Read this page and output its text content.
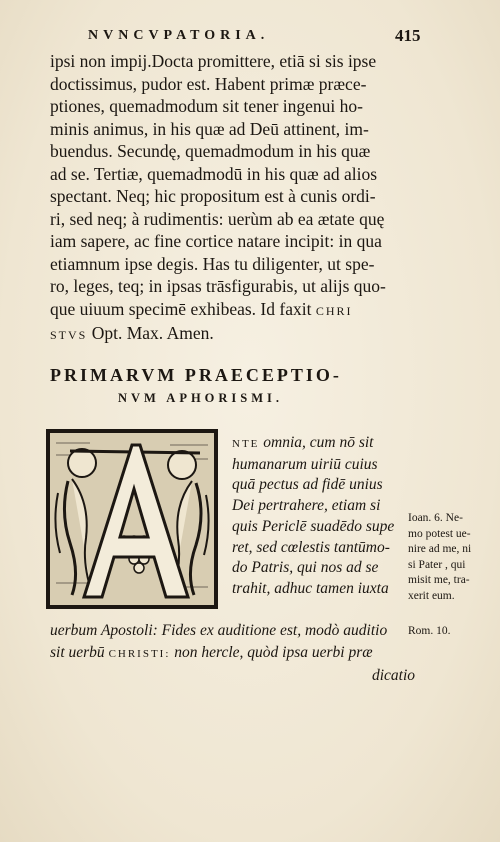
NVNCVPATORIA.	415
ipsi non impij.Docta promittere, etiā si sis ipse
doctissimus, pudor est. Habent primæ præce-
ptiones, quemadmodum sit tener ingenui ho-
minis animus, in his quæ ad Deū attinent, im-
buendus. Secundę, quemadmodum in his quæ
ad se. Tertiæ, quemadmodū in his quæ ad alios
spectant. Neq; hic propositum est à cunis ordi-
ri, sed neq; à rudimentis: uerùm ab ea ætate quę
iam sapere, ac fine cortice natare incipit: in qua
etiamnum ipse degis. Has tu diligenter, ut spe-
ro, leges, teq; in ipsas trāsfigurabis, ut alijs quo-
que uiuum specimē exhibeas. Id faxit CHRI
STVS Opt. Max. Amen.
PRIMARVM PRAECEPTIO-
NVM APHORISMI.
NTE omnia, cum nō sit
humanarum uiriū cuius
quā pectus ad fidē unius
Dei pertrahere, etiam si
quis Periclē suadēdo supe
ret, sed cœlestis tantūmo-
do Patris, qui nos ad se
trahit, adhuc tamen iuxta
uerbum Apostoli: Fides ex auditione est, modò auditio
sit uerbū CHRISTI: non hercle, quòd ipsa uerbi præ
dicatio
Ioan. 6. Ne-
mo potest ue-
nire ad me, ni
si Pater , qui
misit me, tra-
xerit eum.
Rom. 10.
